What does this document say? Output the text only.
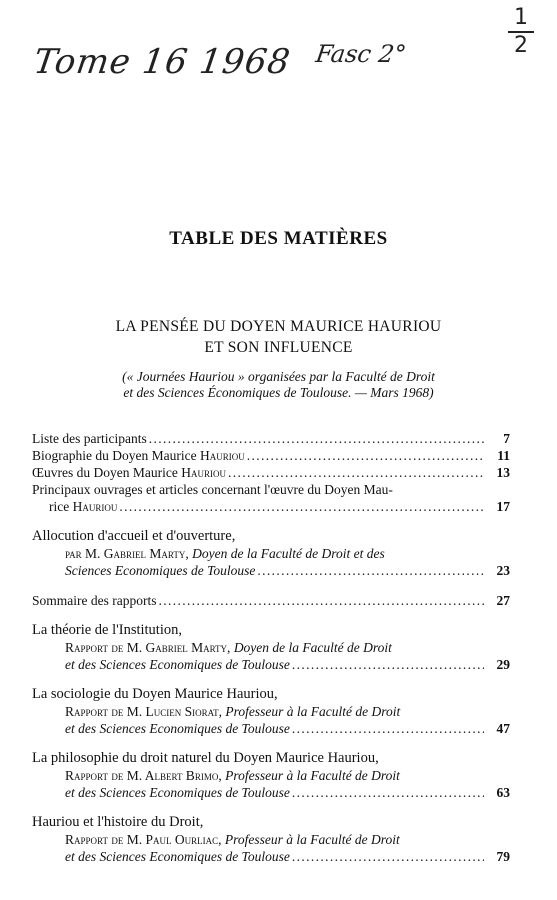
Tome 16 1968 Fasc 2°
1
2
TABLE DES MATIÈRES
LA PENSÉE DU DOYEN MAURICE HAURIOU
ET SON INFLUENCE
(« Journées Hauriou » organisées par la Faculté de Droit
et des Sciences Économiques de Toulouse. — Mars 1968)
Liste des participants . . .	7
Biographie du Doyen Maurice Hauriou . . .	11
Œuvres du Doyen Maurice Hauriou . . .	13
Principaux ouvrages et articles concernant l'œuvre du Doyen Mau-
rice Hauriou . . .	17
Allocution d'accueil et d'ouverture,
par M. Gabriel Marty, Doyen de la Faculté de Droit et des
Sciences Economiques de Toulouse . . .	23
Sommaire des rapports . . .	27
La théorie de l'Institution,
Rapport de M. Gabriel Marty, Doyen de la Faculté de Droit
et des Sciences Economiques de Toulouse . . .	29
La sociologie du Doyen Maurice Hauriou,
Rapport de M. Lucien Siorat, Professeur à la Faculté de Droit
et des Sciences Economiques de Toulouse . . .	47
La philosophie du droit naturel du Doyen Maurice Hauriou,
Rapport de M. Albert Brimo, Professeur à la Faculté de Droit
et des Sciences Economiques de Toulouse . . .	63
Hauriou et l'histoire du Droit,
Rapport de M. Paul Ourliac, Professeur à la Faculté de Droit
et des Sciences Economiques de Toulouse . . .	79
